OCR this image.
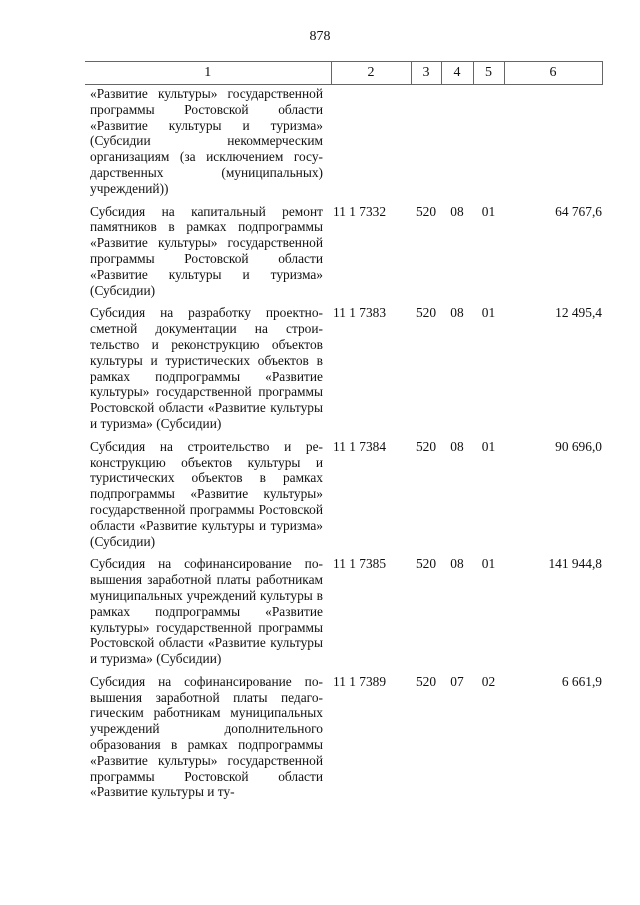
878
1	2	3	4	5	6
«Развитие культуры» государственной программы Ростовской области «Развитие культуры и туризма» (Субсидии некоммерческим организациям (за исключением государственных (муниципальных) учреждений))					
Субсидия на капитальный ремонт памятников в рамках подпрограммы «Развитие культуры» государственной программы Ростовской области «Развитие культуры и туризма» (Субсидии)	11 1 7332	520	08	01	64 767,6
Субсидия на разработку проектно-сметной документации на строительство и реконструкцию объектов культуры и туристических объектов в рамках подпрограммы «Развитие культуры» государственной программы Ростовской области «Развитие культуры и туризма» (Субсидии)	11 1 7383	520	08	01	12 495,4
Субсидия на строительство и реконструкцию объектов культуры и туристических объектов в рамках подпрограммы «Развитие культуры» государственной программы Ростовской области «Развитие культуры и туризма» (Субсидии)	11 1 7384	520	08	01	90 696,0
Субсидия на софинансирование повышения заработной платы работникам муниципальных учреждений культуры в рамках подпрограммы «Развитие культуры» государственной программы Ростовской области «Развитие культуры и туризма» (Субсидии)	11 1 7385	520	08	01	141 944,8
Субсидия на софинансирование повышения заработной платы педагогическим работникам муниципальных учреждений дополнительного образования в рамках подпрограммы «Развитие культуры» государственной программы Ростовской области «Развитие культуры и ту-	11 1 7389	520	07	02	6 661,9
